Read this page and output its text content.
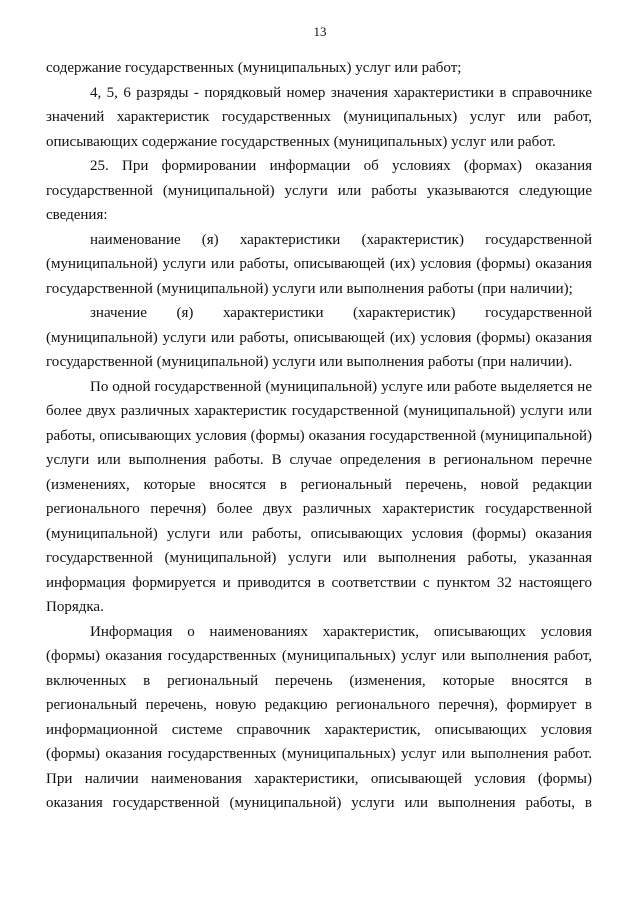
13

содержание государственных (муниципальных) услуг или работ;

4, 5, 6 разряды - порядковый номер значения характеристики в справочнике значений характеристик государственных (муниципальных) услуг или работ, описывающих содержание государственных (муниципальных) услуг или работ.

25. При формировании информации об условиях (формах) оказания государственной (муниципальной) услуги или работы указываются следующие сведения:

наименование (я) характеристики (характеристик) государственной (муниципальной) услуги или работы, описывающей (их) условия (формы) оказания государственной (муниципальной) услуги или выполнения работы (при наличии);

значение (я) характеристики (характеристик) государственной (муниципальной) услуги или работы, описывающей (их) условия (формы) оказания государственной (муниципальной) услуги или выполнения работы (при наличии).

По одной государственной (муниципальной) услуге или работе выделяется не более двух различных характеристик государственной (муниципальной) услуги или работы, описывающих условия (формы) оказания государственной (муниципальной) услуги или выполнения работы. В случае определения в региональном перечне (изменениях, которые вносятся в региональный перечень, новой редакции регионального перечня) более двух различных характеристик государственной (муниципальной) услуги или работы, описывающих условия (формы) оказания государственной (муниципальной) услуги или выполнения работы, указанная информация формируется и приводится в соответствии с пунктом 32 настоящего Порядка.

Информация о наименованиях характеристик, описывающих условия (формы) оказания государственных (муниципальных) услуг или выполнения работ, включенных в региональный перечень (изменения, которые вносятся в региональный перечень, новую редакцию регионального перечня), формирует в информационной системе справочник характеристик, описывающих условия (формы) оказания государственных (муниципальных) услуг или выполнения работ. При наличии наименования характеристики, описывающей условия (формы) оказания государственной (муниципальной) услуги или выполнения работы, в
